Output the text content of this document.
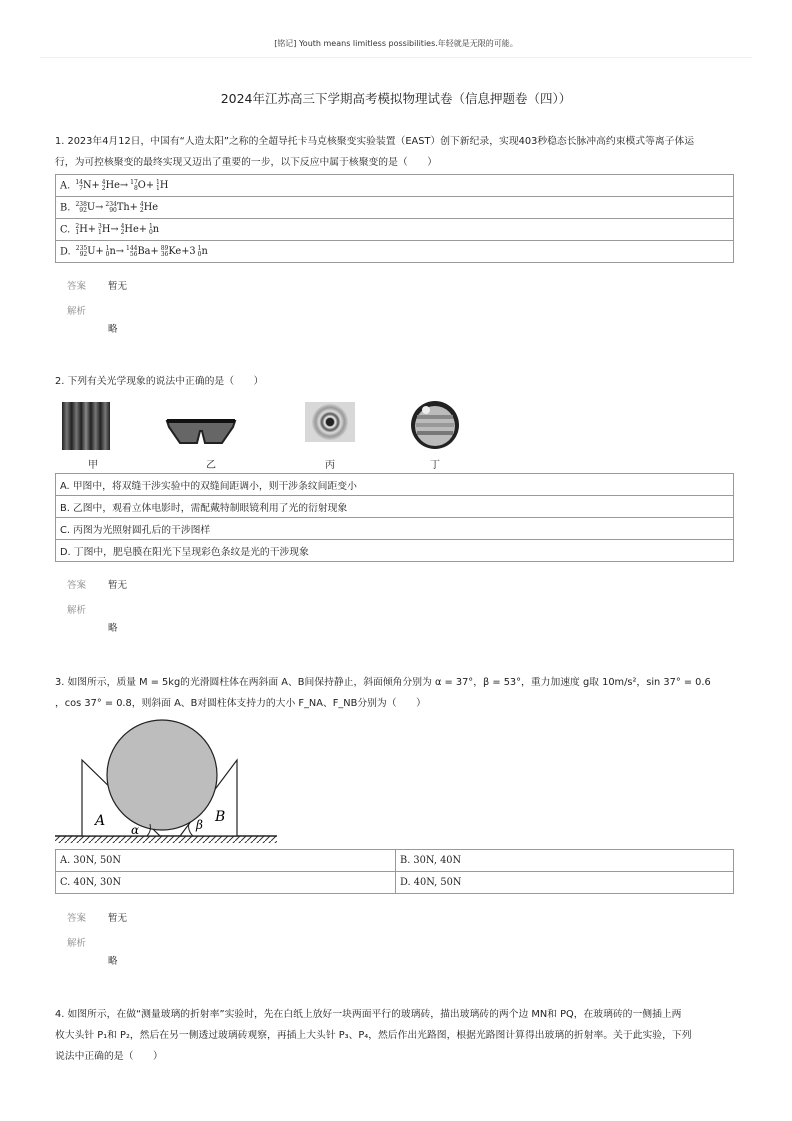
[铭记] Youth means limitless possibilities.年轻就是无限的可能。
2024年江苏高三下学期高考模拟物理试卷（信息押题卷（四））
1. 2023年4月12日，中国有“人造太阳”之称的全超导托卡马克核聚变实验装置（EAST）创下新纪录，实现403秒稳态长脉冲高约束模式等离子体运
行，为可控核聚变的最终实现又迈出了重要的一步，以下反应中属于核聚变的是（　　）
A. 14
7 N+ 4
2 He→ 17
8 O+ 1
1 H
B. 238
92 U→ 234
90 Th+ 4
2 He
C. 2
1 H+ 3
1 H→ 4
2 He+ 1
0 n
D. 235
92 U+ 1
0 n→ 144
56 Ba+ 89
36 Ke+3 1
0 n
答案 暂无
解析
略
2. 下列有关光学现象的说法中正确的是（　　）
甲	乙	丙	丁
A. 甲图中，将双缝干涉实验中的双缝间距调小，则干涉条纹间距变小
B. 乙图中，观看立体电影时，需配戴特制眼镜利用了光的衍射现象
C. 丙图为光照射圆孔后的干涉图样
D. 丁图中，肥皂膜在阳光下呈现彩色条纹是光的干涉现象
答案 暂无
解析
略
3. 如图所示，质量 M = 5kg的光滑圆柱体在两斜面 A、B间保持静止，斜面倾角分别为 α = 37°，β = 53°，重力加速度 g取 10m/s²，sin 37° = 0.6
，cos 37° = 0.8，则斜面 A、B对圆柱体支持力的大小 F_NA、F_NB分别为（　　）
A	B
α	β
A. 30N, 50N	B. 30N, 40N
C. 40N, 30N	D. 40N, 50N
答案 暂无
解析
略
4. 如图所示，在做“测量玻璃的折射率”实验时，先在白纸上放好一块两面平行的玻璃砖，描出玻璃砖的两个边 MN和 PQ，在玻璃砖的一侧插上两
枚大头针 P₁和 P₂，然后在另一侧透过玻璃砖观察，再插上大头针 P₃、P₄，然后作出光路图，根据光路图计算得出玻璃的折射率。关于此实验，下列
说法中正确的是（　　）
